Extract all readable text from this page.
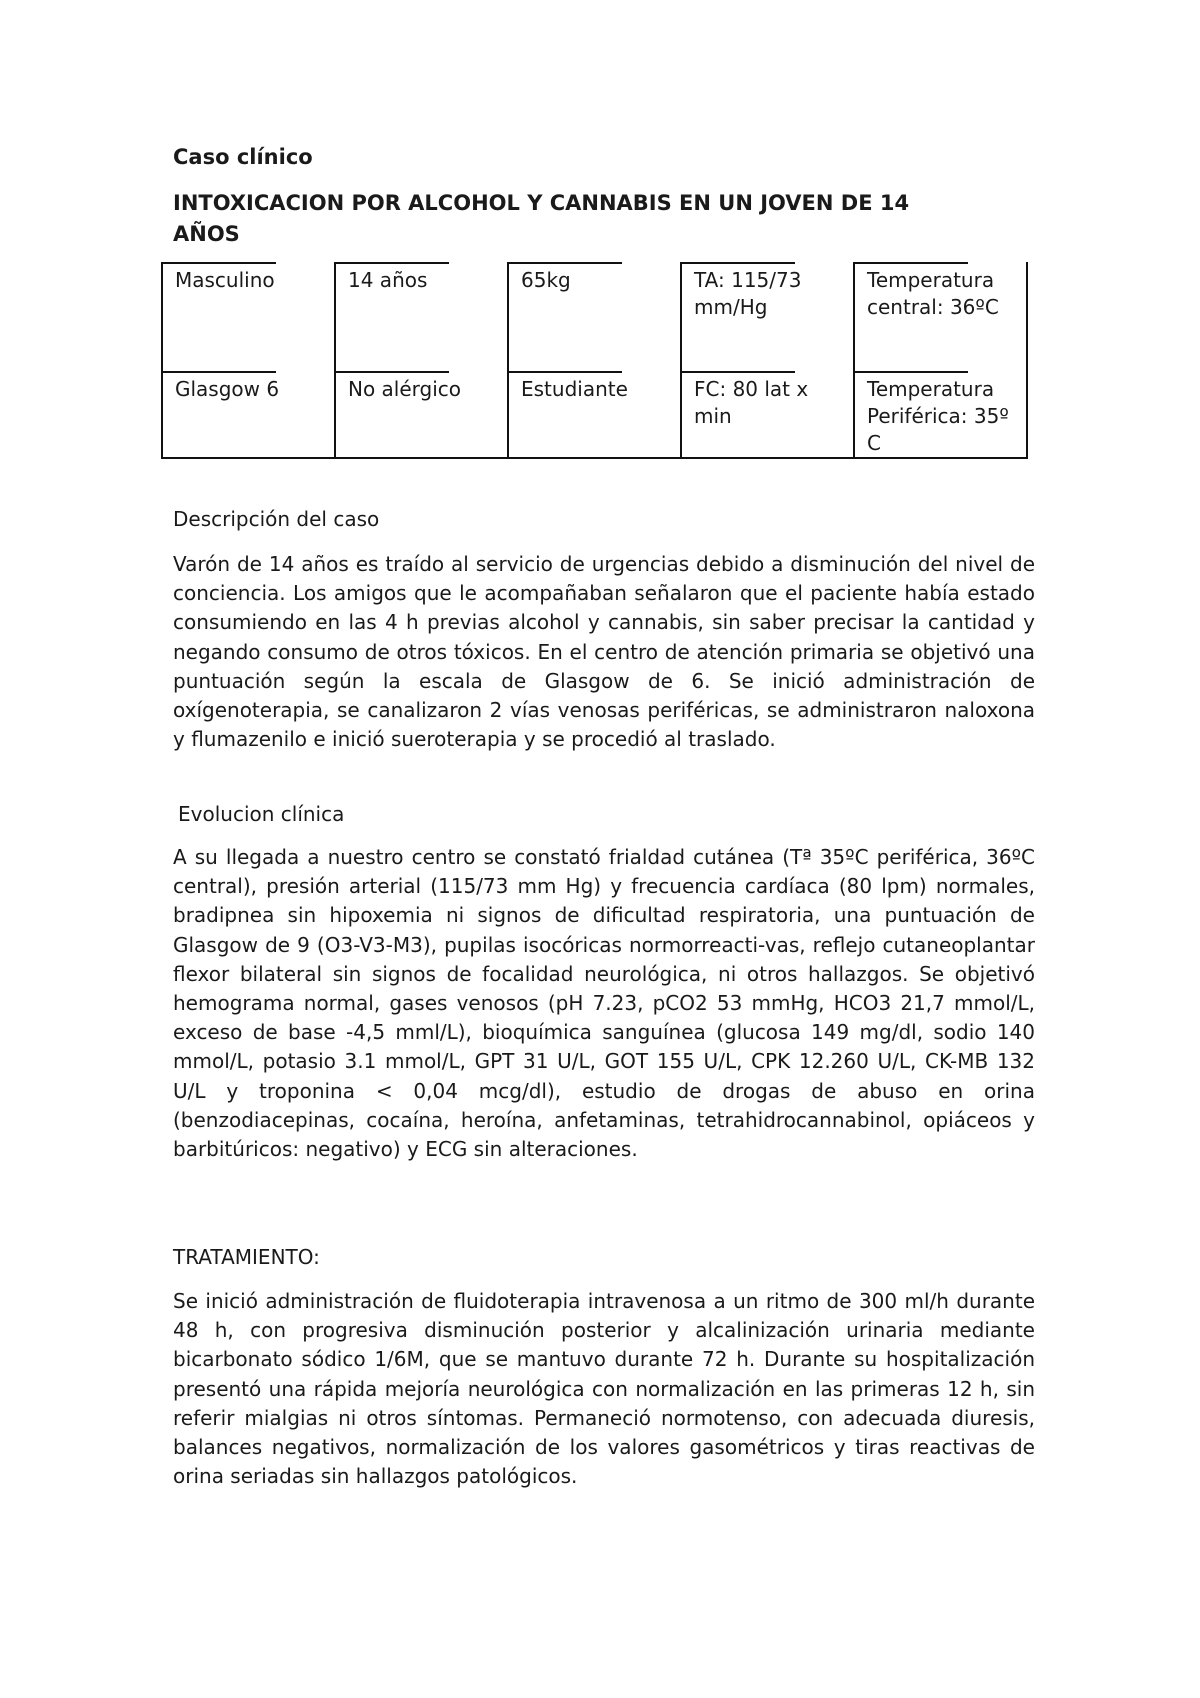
Caso clínico

INTOXICACION POR ALCOHOL Y CANNABIS EN UN JOVEN DE 14 AÑOS
Masculino	14 años	65kg	TA: 115/73 mm/Hg	Temperatura central: 36ºC
Glasgow 6	No alérgico	Estudiante	FC: 80 lat x min	Temperatura Periférica: 35º C

Descripción del caso

Varón de 14 años es traído al servicio de urgencias debido a disminución del nivel de conciencia. Los amigos que le acompañaban señalaron que el paciente había estado consumiendo en las 4 h previas alcohol y cannabis, sin saber precisar la cantidad y negando consumo de otros tóxicos. En el centro de atención primaria se objetivó una puntuación según la escala de Glasgow de 6. Se inició administración de oxígenoterapia, se canalizaron 2 vías venosas periféricas, se administraron naloxona y flumazenilo e inició sueroterapia y se procedió al traslado.

Evolucion clínica

A su llegada a nuestro centro se constató frialdad cutánea (Tª 35ºC periférica, 36ºC central), presión arterial (115/73 mm Hg) y frecuencia cardíaca (80 lpm) normales, bradipnea sin hipoxemia ni signos de dificultad respiratoria, una puntuación de Glasgow de 9 (O3-V3-M3), pupilas isocóricas normorreacti-vas, reflejo cutaneoplantar flexor bilateral sin signos de focalidad neurológica, ni otros hallazgos. Se objetivó hemograma normal, gases venosos (pH 7.23, pCO2 53 mmHg, HCO3 21,7 mmol/L, exceso de base -4,5 mml/L), bioquímica sanguínea (glucosa 149 mg/dl, sodio 140 mmol/L, potasio 3.1 mmol/L, GPT 31 U/L, GOT 155 U/L, CPK 12.260 U/L, CK-MB 132 U/L y troponina < 0,04 mcg/dl), estudio de drogas de abuso en orina (benzodiacepinas, cocaína, heroína, anfetaminas, tetrahidrocannabinol, opiáceos y barbitúricos: negativo) y ECG sin alteraciones.

TRATAMIENTO:

Se inició administración de fluidoterapia intravenosa a un ritmo de 300 ml/h durante 48 h, con progresiva disminución posterior y alcalinización urinaria mediante bicarbonato sódico 1/6M, que se mantuvo durante 72 h. Durante su hospitalización presentó una rápida mejoría neurológica con normalización en las primeras 12 h, sin referir mialgias ni otros síntomas. Permaneció normotenso, con adecuada diuresis, balances negativos, normalización de los valores gasométricos y tiras reactivas de orina seriadas sin hallazgos patológicos.
